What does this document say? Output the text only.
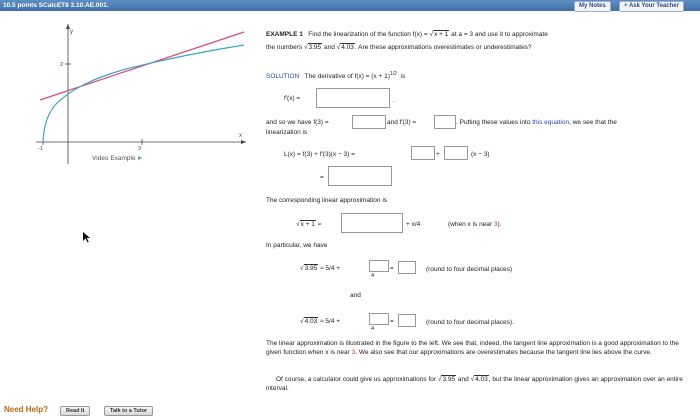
10.5 points SCalcET8 3.10.AE.001.	My Notes	+ Ask Your Teacher
y
x
2
3
-1
Video Example►
EXAMPLE 1 Find the linearization of the function f(x) = √x + 1 at a = 3 and use it to approximate
the numbers √3.95 and √4.03. Are these approximations overestimates or underestimates?
SOLUTION The derivative of $f(x) = (x + 1)^{1/2}$ is
f′(x) =	.
and so we have f(3) =	and f′(3) =	. Putting these values into this equation, we see that the
linearization is
L(x) = f(3) + f′(3)(x − 3) =	+	(x − 3)
=
The corresponding linear approximation is
√x + 1 ≈	+ x/4	(when x is near 3).
In particular, we have
√3.95 ≈ 5/4 +
4
=	(round to four decimal places)
and
√4.03 ≈ 5/4 +
4
=	(round to four decimal places).
The linear approximation is illustrated in the figure to the left. We see that, indeed, the tangent line approximation is a good approximation to the given function when x is near 3. We also see that our approximations are overestimates because the tangent line lies above the curve.
Of course, a calculator could give us approximations for √3.95 and √4.03, but the linear approximation gives an approximation over an entire interval.
Need Help?	Read It	Talk to a Tutor
